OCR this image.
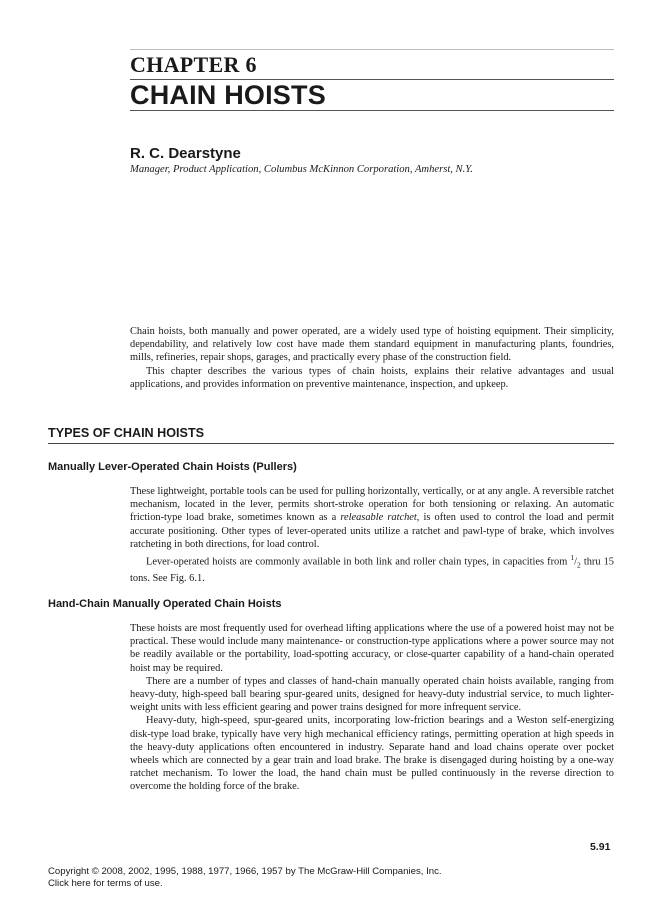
CHAPTER 6
CHAIN HOISTS
R. C. Dearstyne
Manager, Product Application, Columbus McKinnon Corporation, Amherst, N.Y.

Chain hoists, both manually and power operated, are a widely used type of hoisting equipment. Their simplicity, dependability, and relatively low cost have made them standard equipment in manufacturing plants, foundries, mills, refineries, repair shops, garages, and practically every phase of the construction field.

This chapter describes the various types of chain hoists, explains their relative advantages and usual applications, and provides information on preventive maintenance, inspection, and upkeep.

TYPES OF CHAIN HOISTS
Manually Lever-Operated Chain Hoists (Pullers)

These lightweight, portable tools can be used for pulling horizontally, vertically, or at any angle. A reversible ratchet mechanism, located in the lever, permits short-stroke operation for both tensioning or relaxing. An automatic friction-type load brake, sometimes known as a releasable ratchet, is often used to control the load and permit accurate positioning. Other types of lever-operated units utilize a ratchet and pawl-type of brake, which involves ratcheting in both directions, for load control.

Lever-operated hoists are commonly available in both link and roller chain types, in capacities from $^1/_2$ thru 15 tons. See Fig. 6.1.

Hand-Chain Manually Operated Chain Hoists

These hoists are most frequently used for overhead lifting applications where the use of a powered hoist may not be practical. These would include many maintenance- or construction-type applications where a power source may not be readily available or the portability, load-spotting accuracy, or close-quarter capability of a hand-chain operated hoist may be required.

There are a number of types and classes of hand-chain manually operated chain hoists available, ranging from heavy-duty, high-speed ball bearing spur-geared units, designed for heavy-duty industrial service, to much lighter-weight units with less efficient gearing and power trains designed for more infrequent service.

Heavy-duty, high-speed, spur-geared units, incorporating low-friction bearings and a Weston self-energizing disk-type load brake, typically have very high mechanical efficiency ratings, permitting operation at high speeds in the heavy-duty applications often encountered in industry. Separate hand and load chains operate over pocket wheels which are connected by a gear train and load brake. The brake is disengaged during hoisting by a one-way ratchet mechanism. To lower the load, the hand chain must be pulled continuously in the reverse direction to overcome the holding force of the brake.

5.91
Copyright © 2008, 2002, 1995, 1988, 1977, 1966, 1957 by The McGraw-Hill Companies, Inc.
Click here for terms of use.
